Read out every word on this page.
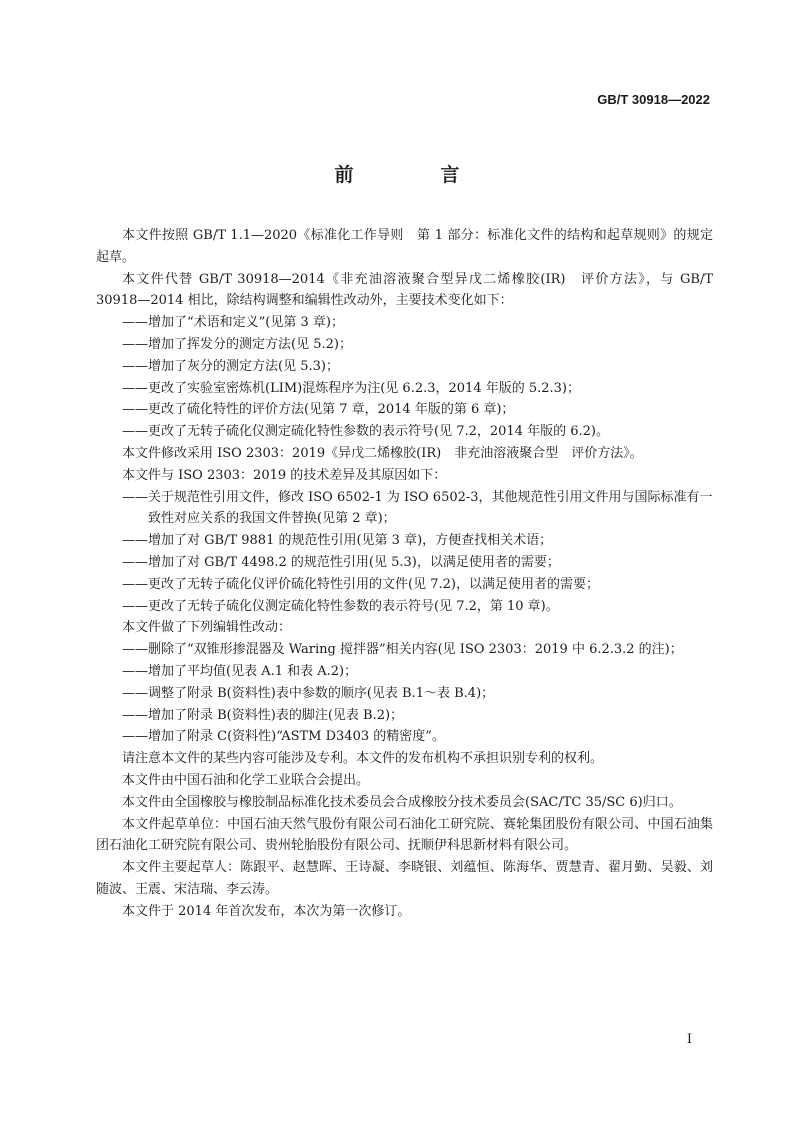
GB/T 30918—2022
前　言
本文件按照 GB/T 1.1—2020《标准化工作导则　第 1 部分：标准化文件的结构和起草规则》的规定起草。
本文件代替 GB/T 30918—2014《非充油溶液聚合型异戊二烯橡胶(IR)　评价方法》，与 GB/T 30918—2014 相比，除结构调整和编辑性改动外，主要技术变化如下：
——增加了“术语和定义”(见第 3 章)；
——增加了挥发分的测定方法(见 5.2)；
——增加了灰分的测定方法(见 5.3)；
——更改了实验室密炼机(LIM)混炼程序为注(见 6.2.3，2014 年版的 5.2.3)；
——更改了硫化特性的评价方法(见第 7 章，2014 年版的第 6 章)；
——更改了无转子硫化仪测定硫化特性参数的表示符号(见 7.2，2014 年版的 6.2)。
本文件修改采用 ISO 2303：2019《异戊二烯橡胶(IR)　非充油溶液聚合型　评价方法》。
本文件与 ISO 2303：2019 的技术差异及其原因如下：
——关于规范性引用文件，修改 ISO 6502-1 为 ISO 6502-3，其他规范性引用文件用与国际标准有一致性对应关系的我国文件替换(见第 2 章)；
——增加了对 GB/T 9881 的规范性引用(见第 3 章)，方便查找相关术语；
——增加了对 GB/T 4498.2 的规范性引用(见 5.3)，以满足使用者的需要；
——更改了无转子硫化仪评价硫化特性引用的文件(见 7.2)，以满足使用者的需要；
——更改了无转子硫化仪测定硫化特性参数的表示符号(见 7.2，第 10 章)。
本文件做了下列编辑性改动：
——删除了“双锥形掺混器及 Waring 搅拌器”相关内容(见 ISO 2303：2019 中 6.2.3.2 的注)；
——增加了平均值(见表 A.1 和表 A.2)；
——调整了附录 B(资料性)表中参数的顺序(见表 B.1～表 B.4)；
——增加了附录 B(资料性)表的脚注(见表 B.2)；
——增加了附录 C(资料性)“ASTM D3403 的精密度”。
请注意本文件的某些内容可能涉及专利。本文件的发布机构不承担识别专利的权利。
本文件由中国石油和化学工业联合会提出。
本文件由全国橡胶与橡胶制品标准化技术委员会合成橡胶分技术委员会(SAC/TC 35/SC 6)归口。
本文件起草单位：中国石油天然气股份有限公司石油化工研究院、赛轮集团股份有限公司、中国石油集团石油化工研究院有限公司、贵州轮胎股份有限公司、抚顺伊科思新材料有限公司。
本文件主要起草人：陈跟平、赵慧晖、王诗凝、李晓银、刘蕴恒、陈海华、贾慧青、翟月勤、吴毅、刘随波、王震、宋洁瑞、李云涛。
本文件于 2014 年首次发布，本次为第一次修订。
I
